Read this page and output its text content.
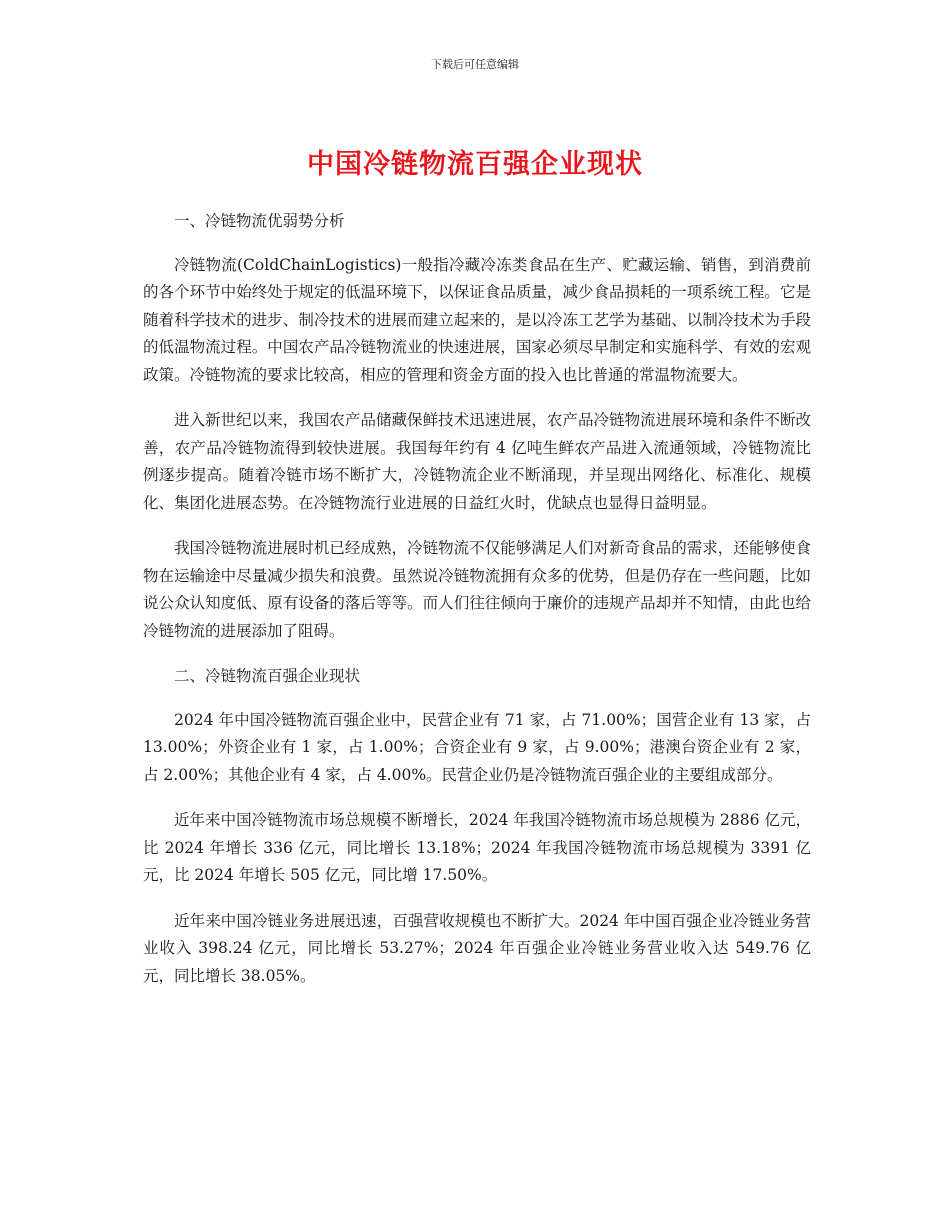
下载后可任意编辑
中国冷链物流百强企业现状

一、冷链物流优弱势分析

冷链物流(ColdChainLogistics)一般指冷藏冷冻类食品在生产、贮藏运输、销售，到消费前的各个环节中始终处于规定的低温环境下，以保证食品质量，减少食品损耗的一项系统工程。它是随着科学技术的进步、制冷技术的进展而建立起来的，是以冷冻工艺学为基础、以制冷技术为手段的低温物流过程。中国农产品冷链物流业的快速进展，国家必须尽早制定和实施科学、有效的宏观政策。冷链物流的要求比较高，相应的管理和资金方面的投入也比普通的常温物流要大。

进入新世纪以来，我国农产品储藏保鲜技术迅速进展，农产品冷链物流进展环境和条件不断改善，农产品冷链物流得到较快进展。我国每年约有 4 亿吨生鲜农产品进入流通领域，冷链物流比例逐步提高。随着冷链市场不断扩大，冷链物流企业不断涌现，并呈现出网络化、标准化、规模化、集团化进展态势。在冷链物流行业进展的日益红火时，优缺点也显得日益明显。

我国冷链物流进展时机已经成熟，冷链物流不仅能够满足人们对新奇食品的需求，还能够使食物在运输途中尽量减少损失和浪费。虽然说冷链物流拥有众多的优势，但是仍存在一些问题，比如说公众认知度低、原有设备的落后等等。而人们往往倾向于廉价的违规产品却并不知情，由此也给冷链物流的进展添加了阻碍。

二、冷链物流百强企业现状

2024 年中国冷链物流百强企业中，民营企业有 71 家，占 71.00%；国营企业有 13 家，占 13.00%；外资企业有 1 家，占 1.00%；合资企业有 9 家，占 9.00%；港澳台资企业有 2 家，占 2.00%；其他企业有 4 家，占 4.00%。民营企业仍是冷链物流百强企业的主要组成部分。

近年来中国冷链物流市场总规模不断增长，2024 年我国冷链物流市场总规模为 2886 亿元，比 2024 年增长 336 亿元，同比增长 13.18%；2024 年我国冷链物流市场总规模为 3391 亿元，比 2024 年增长 505 亿元，同比增 17.50%。

近年来中国冷链业务进展迅速，百强营收规模也不断扩大。2024 年中国百强企业冷链业务营业收入 398.24 亿元，同比增长 53.27%；2024 年百强企业冷链业务营业收入达 549.76 亿元，同比增长 38.05%。
